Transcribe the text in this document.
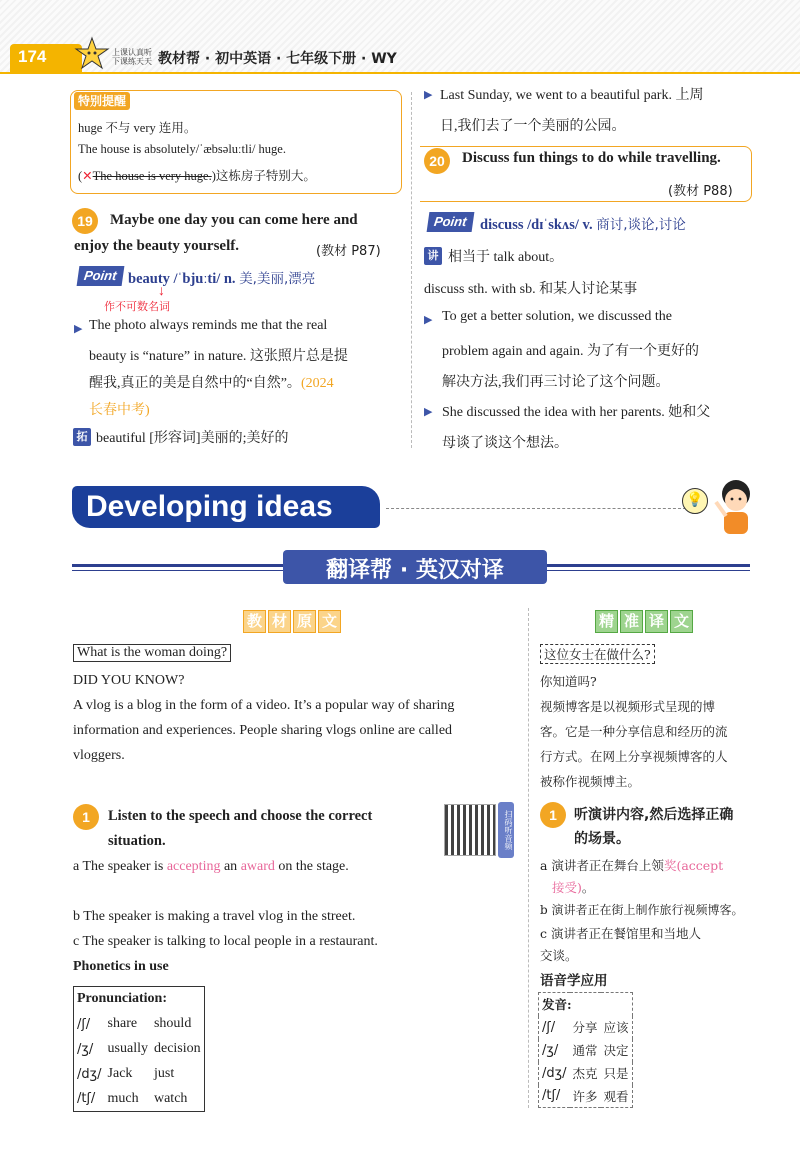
174	上课认真听
下课练天天 教材帮 · 初中英语 · 七年级下册 · WY
特别提醒
huge 不与 very 连用。
The house is absolutely/ˈæbsəluːtli/ huge.
(✕The house is very huge.)这栋房子特别大。
19	Maybe one day you can come here and
enjoy the beauty yourself.	(教材 P87)
Point beauty /ˈbjuːti/ n. 美,美丽,漂亮
↓
作不可数名词
▶ The photo always reminds me that the real
beauty is “nature” in nature. 这张照片总是提
醒我,真正的美是自然中的“自然”。(2024
长春中考)
拓 beautiful [形容词]美丽的;美好的
▶ Last Sunday, we went to a beautiful park. 上周
日,我们去了一个美丽的公园。
20	Discuss fun things to do while travelling.
(教材 P88)
Point discuss /dɪˈskʌs/ v. 商讨,谈论,讨论
讲 相当于 talk about。
discuss sth. with sb. 和某人讨论某事
▶ To get a better solution, we discussed the
problem again and again. 为了有一个更好的
解决方法,我们再三讨论了这个问题。
▶ She discussed the idea with her parents. 她和父
母谈了谈这个想法。
Developing ideas	💡
翻译帮 · 英汉对译
教 材 原 文	精 准 译 文
What is the woman doing?
DID YOU KNOW?
A vlog is a blog in the form of a video. It’s a popular way of sharing
information and experiences. People sharing vlogs online are called
vloggers.
1	Listen to the speech and choose the correct
situation.	扫码听音频
a The speaker is accepting an award on the stage.
b The speaker is making a travel vlog in the street.
c The speaker is talking to local people in a restaurant.
Phonetics in use
Pronunciation:		
/ʃ/	share	should
/ʒ/	usually	decision
/dʒ/	Jack	just
/tʃ/	much	watch
这位女士在做什么?
你知道吗?
视频博客是以视频形式呈现的博
客。它是一种分享信息和经历的流
行方式。在网上分享视频博客的人
被称作视频博主。
1	听演讲内容,然后选择正确
的场景。
a 演讲者正在舞台上领奖(accept
接受)。
b 演讲者正在街上制作旅行视频博客。
c 演讲者正在餐馆里和当地人
交谈。
语音学应用
发音:		
/ʃ/	分享	应该
/ʒ/	通常	决定
/dʒ/	杰克	只是
/tʃ/	许多	观看
